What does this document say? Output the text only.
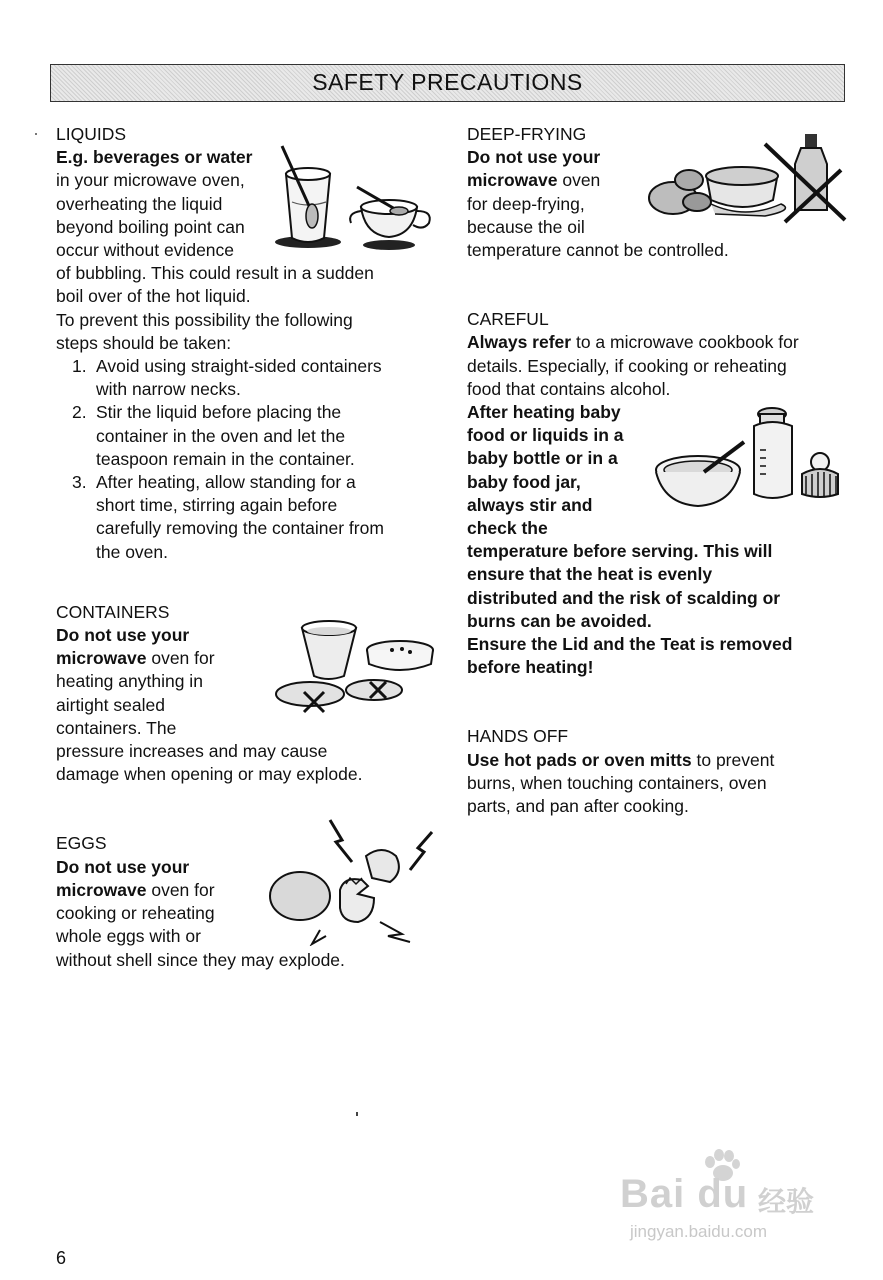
SAFETY PRECAUTIONS
LIQUIDS
E.g. beverages or water
in your microwave oven,
overheating the liquid
beyond boiling point can
occur without evidence
of bubbling. This could result in a sudden
boil over of the hot liquid.
To prevent this possibility the following
steps should be taken:
1. Avoid using straight-sided containers
with narrow necks.
2. Stir the liquid before placing the
container in the oven and let the
teaspoon remain in the container.
3. After heating, allow standing for a
short time, stirring again before
carefully removing the container from
the oven.
CONTAINERS
Do not use your
microwave oven for
heating anything in
airtight sealed
containers. The
pressure increases and may cause
damage when opening or may explode.
EGGS
Do not use your
microwave oven for
cooking or reheating
whole eggs with or
without shell since they may explode.
DEEP-FRYING
Do not use your
microwave oven
for deep-frying,
because the oil
temperature cannot be controlled.
CAREFUL
Always refer to a microwave cookbook for
details. Especially, if cooking or reheating
food that contains alcohol.
After heating baby
food or liquids in a
baby bottle or in a
baby food jar,
always stir and
check the
temperature before serving. This will
ensure that the heat is evenly
distributed and the risk of scalding or
burns can be avoided.
Ensure the Lid and the Teat is removed
before heating!
HANDS OFF
Use hot pads or oven mitts to prevent
burns, when touching containers, oven
parts, and pan after cooking.
6
Bai du 经验
jingyan.baidu.com
